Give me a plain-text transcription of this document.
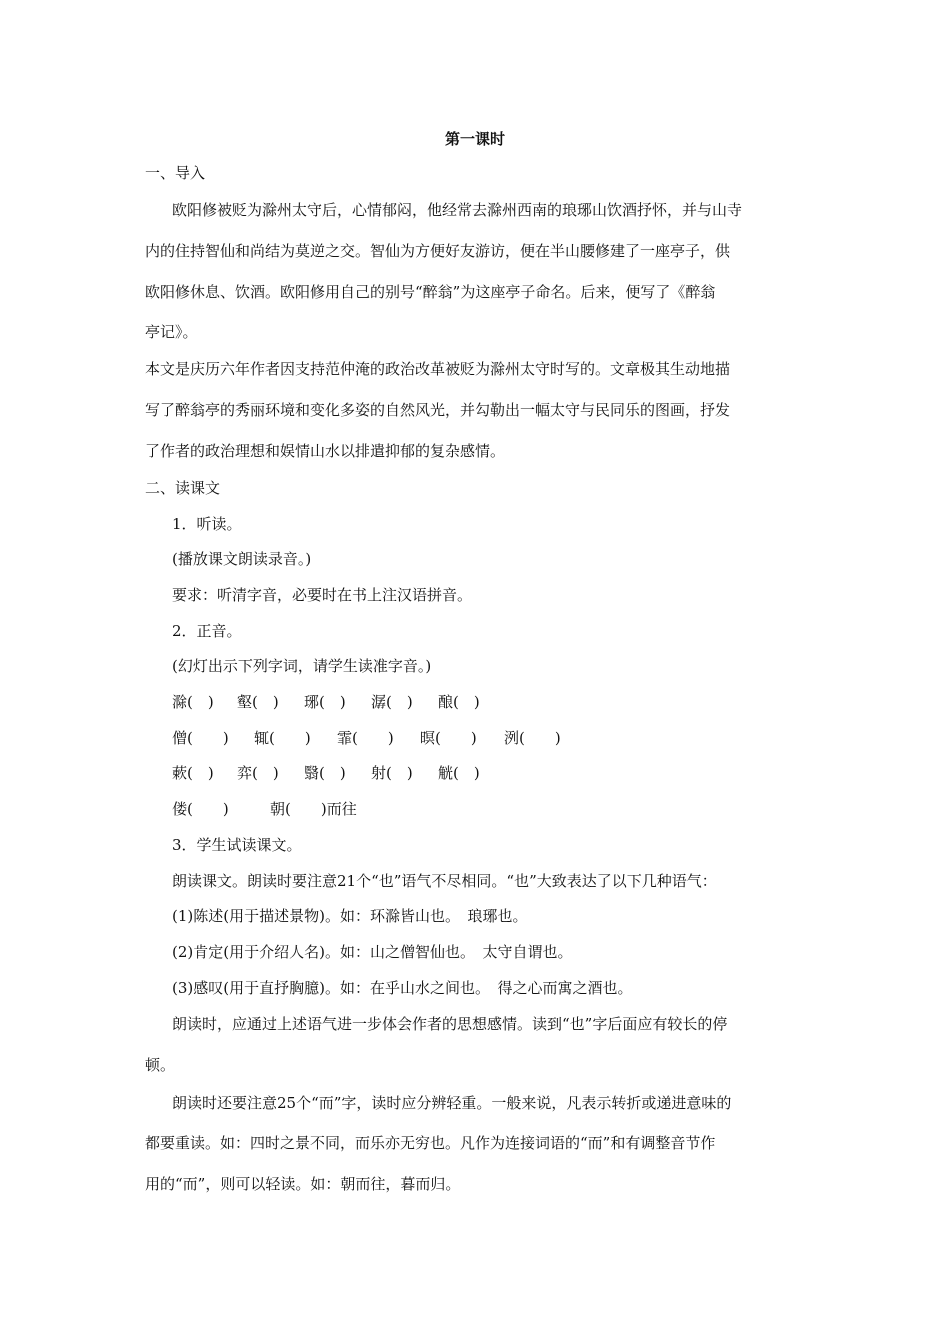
第一课时
一、导入
欧阳修被贬为滁州太守后，心情郁闷，他经常去滁州西南的琅琊山饮酒抒怀，并与山寺
内的住持智仙和尚结为莫逆之交。智仙为方便好友游访，便在半山腰修建了一座亭子，供
欧阳修休息、饮酒。欧阳修用自己的别号“醉翁”为这座亭子命名。后来，便写了《醉翁
亭记》。
本文是庆历六年作者因支持范仲淹的政治改革被贬为滁州太守时写的。文章极其生动地描
写了醉翁亭的秀丽环境和变化多姿的自然风光，并勾勒出一幅太守与民同乐的图画，抒发
了作者的政治理想和娱情山水以排遣抑郁的复杂感情。
二、读课文
1．听读。
(播放课文朗读录音。)
要求：听清字音，必要时在书上注汉语拼音。
2．正音。
(幻灯出示下列字词，请学生读准字音。)
滁(　) 壑(　) 琊(　) 潺(　) 酿(　)
僧(　　) 辄(　　) 霏(　　) 暝(　　) 洌(　　)
蔌(　) 弈(　) 翳(　) 射(　) 觥(　)
偻(　　)	朝(　　)而往
3．学生试读课文。
朗读课文。朗读时要注意21个“也”语气不尽相同。“也”大致表达了以下几种语气：
(1)陈述(用于描述景物)。如：环滁皆山也。　琅琊也。
(2)肯定(用于介绍人名)。如：山之僧智仙也。　太守自谓也。
(3)感叹(用于直抒胸臆)。如：在乎山水之间也。　得之心而寓之酒也。
朗读时，应通过上述语气进一步体会作者的思想感情。读到“也”字后面应有较长的停
顿。
朗读时还要注意25个“而”字，读时应分辨轻重。一般来说，凡表示转折或递进意味的
都要重读。如：四时之景不同，而乐亦无穷也。凡作为连接词语的“而”和有调整音节作
用的“而”，则可以轻读。如：朝而往，暮而归。
